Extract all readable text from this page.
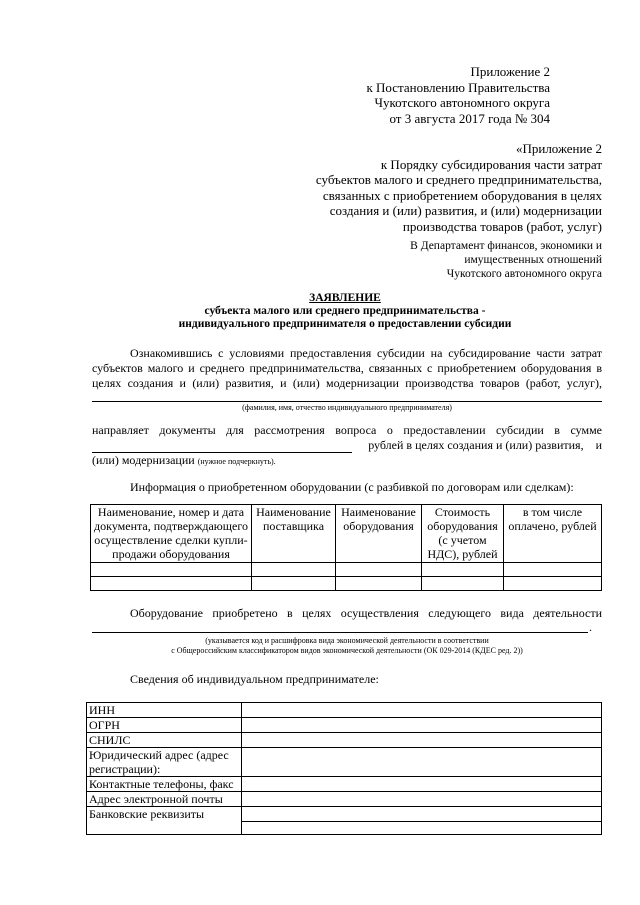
Приложение 2
к Постановлению Правительства
Чукотского автономного округа
от 3 августа 2017 года № 304
«Приложение 2
к Порядку субсидирования части затрат
субъектов малого и среднего предпринимательства,
связанных с приобретением оборудования в целях
создания и (или) развития, и (или) модернизации
производства товаров (работ, услуг)
В Департамент финансов, экономики и
имущественных отношений
Чукотского автономного округа
ЗАЯВЛЕНИЕ
субъекта малого или среднего предпринимательства -
индивидуального предпринимателя о предоставлении субсидии
Ознакомившись с условиями предоставления субсидии на субсидирование части затрат
субъектов малого и среднего предпринимательства, связанных с приобретением оборудования в
целях создания и (или) развития, и (или) модернизации производства товаров (работ, услуг),
(фамилия, имя, отчество индивидуального предпринимателя)
направляет документы для рассмотрения вопроса о предоставлении субсидии в сумме
рублей в целях создания и (или) развития,    и
(или) модернизации (нужное подчеркнуть).
Информация о приобретенном оборудовании (с разбивкой по договорам или сделкам):
Наименование, номер и дата документа, подтверждающего осуществление сделки купли-продажи оборудования	Наименование поставщика	Наименование оборудования	Стоимость оборудования (с учетом НДС), рублей	в том числе оплачено, рублей

Оборудование приобретено в целях осуществления следующего вида деятельности
.
(указывается код и расшифровка вида экономической деятельности в соответствии
с Общероссийским классификатором видов экономической деятельности (ОК 029-2014 (КДЕС ред. 2))
Сведения об индивидуальном предпринимателе:
ИНН	
ОГРН	
СНИЛС	
Юридический адрес (адрес регистрации):	
Контактные телефоны, факс	
Адрес электронной почты	
Банковские реквизиты	
